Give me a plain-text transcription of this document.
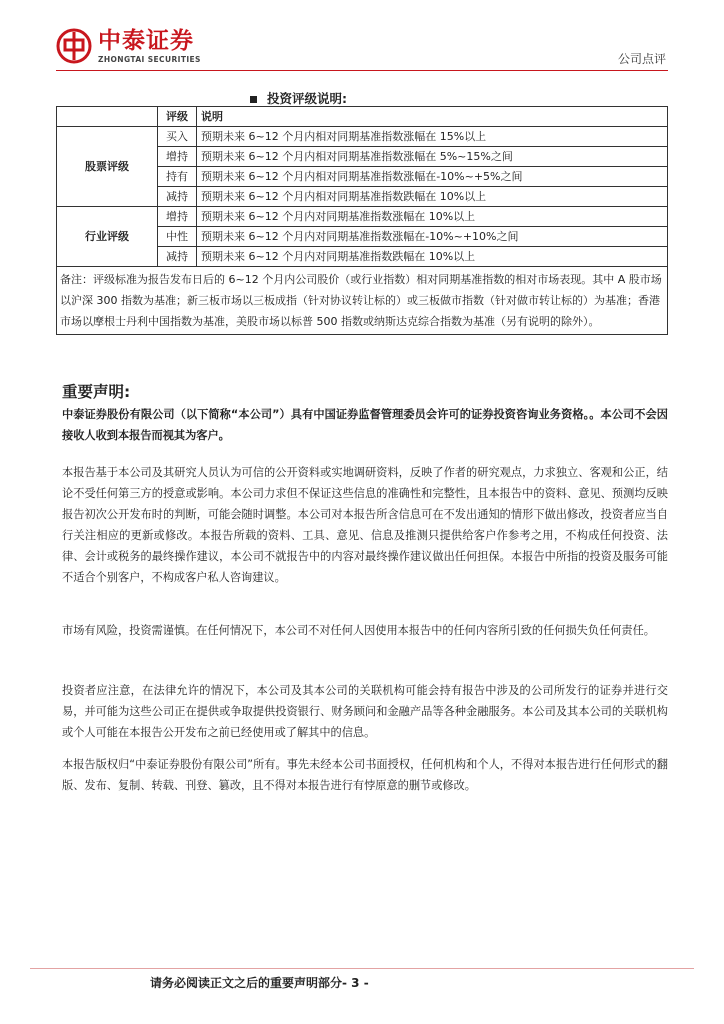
中泰证券
ZHONGTAI SECURITIES	公司点评
投资评级说明:
	评级	说明
股票评级	买入	预期未来 6~12 个月内相对同期基准指数涨幅在 15%以上
	增持	预期未来 6~12 个月内相对同期基准指数涨幅在 5%~15%之间
	持有	预期未来 6~12 个月内相对同期基准指数涨幅在-10%~+5%之间
	减持	预期未来 6~12 个月内相对同期基准指数跌幅在 10%以上
行业评级	增持	预期未来 6~12 个月内对同期基准指数涨幅在 10%以上
	中性	预期未来 6~12 个月内对同期基准指数涨幅在-10%~+10%之间
	减持	预期未来 6~12 个月内对同期基准指数跌幅在 10%以上
备注：评级标准为报告发布日后的 6~12 个月内公司股价（或行业指数）相对同期基准指数的相对市场表现。其中 A 股市场以沪深 300 指数为基准；新三板市场以三板成指（针对协议转让标的）或三板做市指数（针对做市转让标的）为基准；香港市场以摩根士丹利中国指数为基准，美股市场以标普 500 指数或纳斯达克综合指数为基准（另有说明的除外）。		
重要声明:
中泰证券股份有限公司（以下简称“本公司”）具有中国证券监督管理委员会许可的证券投资咨询业务资格。。本公司不会因接收人收到本报告而视其为客户。
本报告基于本公司及其研究人员认为可信的公开资料或实地调研资料，反映了作者的研究观点，力求独立、客观和公正，结论不受任何第三方的授意或影响。本公司力求但不保证这些信息的准确性和完整性，且本报告中的资料、意见、预测均反映报告初次公开发布时的判断，可能会随时调整。本公司对本报告所含信息可在不发出通知的情形下做出修改，投资者应当自行关注相应的更新或修改。本报告所载的资料、工具、意见、信息及推测只提供给客户作参考之用，不构成任何投资、法律、会计或税务的最终操作建议，本公司不就报告中的内容对最终操作建议做出任何担保。本报告中所指的投资及服务可能不适合个别客户，不构成客户私人咨询建议。
市场有风险，投资需谨慎。在任何情况下，本公司不对任何人因使用本报告中的任何内容所引致的任何损失负任何责任。
投资者应注意，在法律允许的情况下，本公司及其本公司的关联机构可能会持有报告中涉及的公司所发行的证券并进行交易，并可能为这些公司正在提供或争取提供投资银行、财务顾问和金融产品等各种金融服务。本公司及其本公司的关联机构或个人可能在本报告公开发布之前已经使用或了解其中的信息。
本报告版权归“中泰证券股份有限公司”所有。事先未经本公司书面授权，任何机构和个人，不得对本报告进行任何形式的翻版、发布、复制、转载、刊登、篡改，且不得对本报告进行有悖原意的删节或修改。
请务必阅读正文之后的重要声明部分- 3 -
